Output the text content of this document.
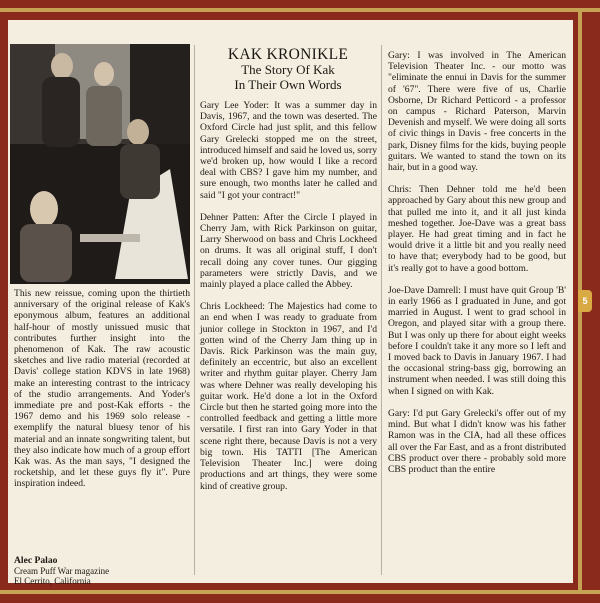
This new reissue, coming upon the thirtieth anniversary of the original release of Kak's eponymous album, features an additional half-hour of mostly unissued music that contributes further insight into the phenomenon of Kak. The raw acoustic sketches and live radio material (recorded at Davis' college station KDVS in late 1968) make an interesting contrast to the intricacy of the studio arrangements. And Yoder's immediate pre and post-Kak efforts - the 1967 demo and his 1969 solo release - exemplify the natural bluesy tenor of his material and an innate songwriting talent, but they also indicate how much of a group effort Kak was. As the man says, "I designed the rocketship, and let these guys fly it". Pure inspiration indeed.

Alec Palao
Cream Puff War magazine
El Cerrito, California
KAK KRONIKLE
The Story Of Kak
In Their Own Words

Gary Lee Yoder: It was a summer day in Davis, 1967, and the town was deserted. The Oxford Circle had just split, and this fellow Gary Grelecki stopped me on the street, introduced himself and said he loved us, sorry we'd broken up, how would I like a record deal with CBS? I gave him my number, and sure enough, two months later he called and said "I got your contract!"

Dehner Patten: After the Circle I played in Cherry Jam, with Rick Parkinson on guitar, Larry Sherwood on bass and Chris Lockheed on drums. It was all original stuff, I don't recall doing any cover tunes. Our gigging parameters were strictly Davis, and we mainly played a place called the Abbey.

Chris Lockheed: The Majestics had come to an end when I was ready to graduate from junior college in Stockton in 1967, and I'd gotten wind of the Cherry Jam thing up in Davis. Rick Parkinson was the main guy, definitely an eccentric, but also an excellent writer and rhythm guitar player. Cherry Jam was where Dehner was really developing his guitar work. He'd done a lot in the Oxford Circle but then he started going more into the controlled feedback and getting a little more versatile. I first ran into Gary Yoder in that scene right there, because Davis is not a very big town. His TATTI [The American Television Theater Inc.] were doing productions and art things, they were some kind of creative group.

Gary: I was involved in The American Television Theater Inc. - our motto was "eliminate the ennui in Davis for the summer of '67". There were five of us, Charlie Osborne, Dr Richard Petticord - a professor on campus - Richard Paterson, Marvin Devenish and myself. We were doing all sorts of civic things in Davis - free concerts in the park, Disney films for the kids, buying people guitars. We wanted to stand the town on its hair, but in a good way.

Chris: Then Dehner told me he'd been approached by Gary about this new group and that pulled me into it, and it all just kinda meshed together. Joe-Dave was a great bass player. He had great timing and in fact he would drive it a little bit and you really need to have that; everybody had to be good, but it's really got to have a good bottom.

Joe-Dave Damrell: I must have quit Group 'B' in early 1966 as I graduated in June, and got married in August. I went to grad school in Oregon, and played sitar with a group there. But I was only up there for about eight weeks before I couldn't take it any more so I left and I moved back to Davis in January 1967. I had the occasional string-bass gig, borrowing an instrument when needed. I was still doing this when I signed on with Kak.

Gary: I'd put Gary Grelecki's offer out of my mind. But what I didn't know was his father Ramon was in the CIA, had all these offices all over the Far East, and as a front distributed CBS product over there - probably sold more CBS product than the entire

5
